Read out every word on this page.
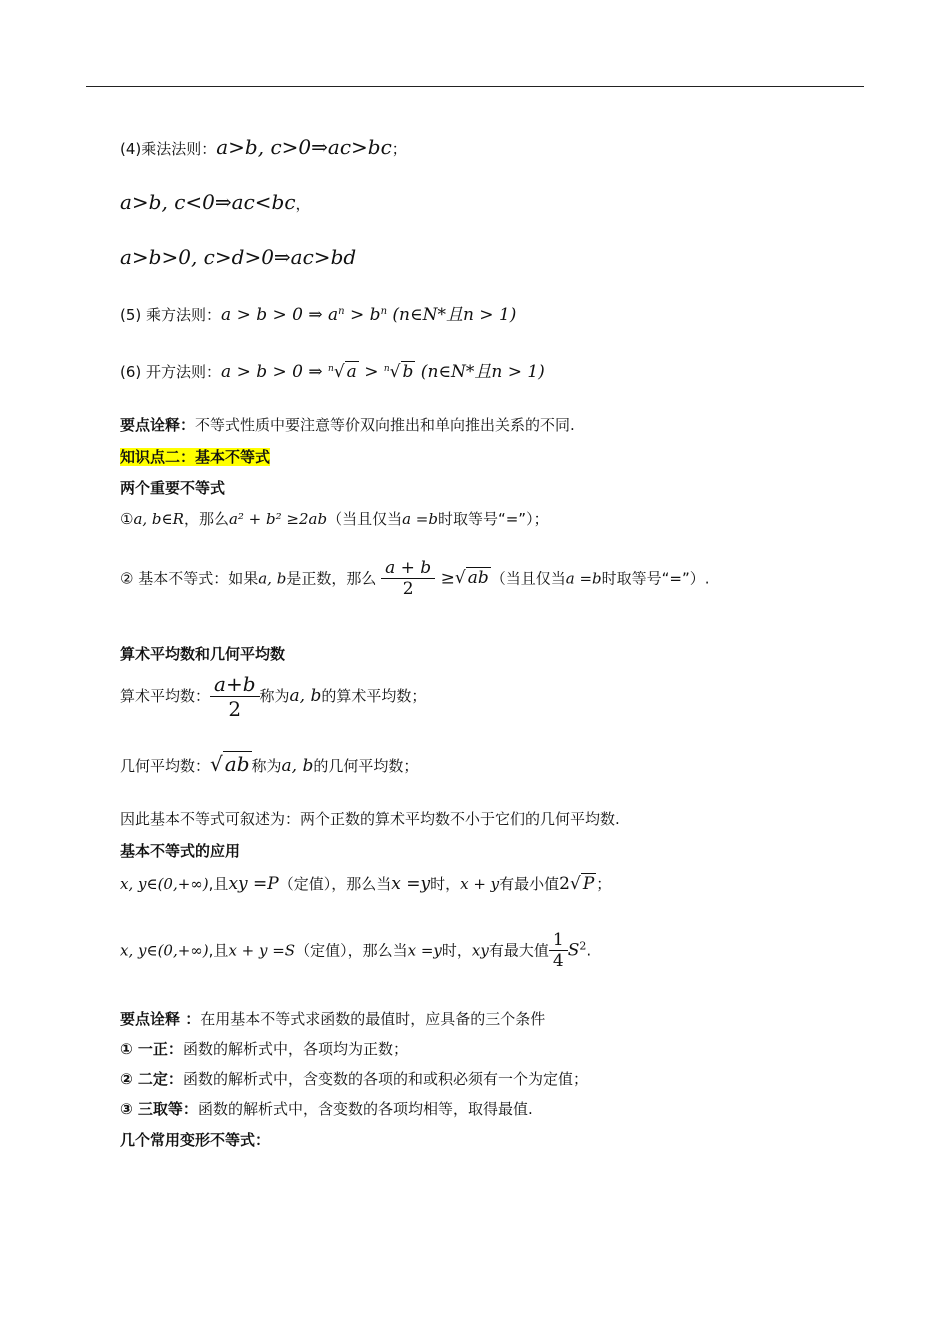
(4)乘法法则：a>b, c>0⇒ac>bc；
a>b, c<0⇒ac<bc，
a>b>0, c>d>0⇒ac>bd
(5) 乘方法则：a > b > 0 ⇒ $a^n > b^n$ (n∈N*且n > 1)
(6) 开方法则：a > b > 0 ⇒ $^n$√ a > $^n$√ b (n∈N*且n > 1)
要点诠释：不等式性质中要注意等价双向推出和单向推出关系的不同.
知识点二：基本不等式
两个重要不等式
①a, b∈R，那么a² + b² ≥2ab（当且仅当a =b时取等号“=”）；
② 基本不等式：如果a, b是正数，那么 $\frac{a + b}{2}$ ≥√ ab （当且仅当a =b时取等号“=”）.
算术平均数和几何平均数
算术平均数： $\frac{a+b}{2}$ 称为a, b的算术平均数；
几何平均数：√ ab 称为a, b的几何平均数；
因此基本不等式可叙述为：两个正数的算术平均数不小于它们的几何平均数.
基本不等式的应用
x, y∈(0,+∞),且xy =P（定值），那么当x =y时，x + y有最小值2√ P ；
x, y∈(0,+∞),且x + y =S（定值），那么当x =y时，xy有最大值 $\frac{1}{4} S^2$.
要点诠释 ：在用基本不等式求函数的最值时，应具备的三个条件
① 一正：函数的解析式中，各项均为正数；
② 二定：函数的解析式中，含变数的各项的和或积必须有一个为定值；
③ 三取等：函数的解析式中，含变数的各项均相等，取得最值.
几个常用变形不等式：
